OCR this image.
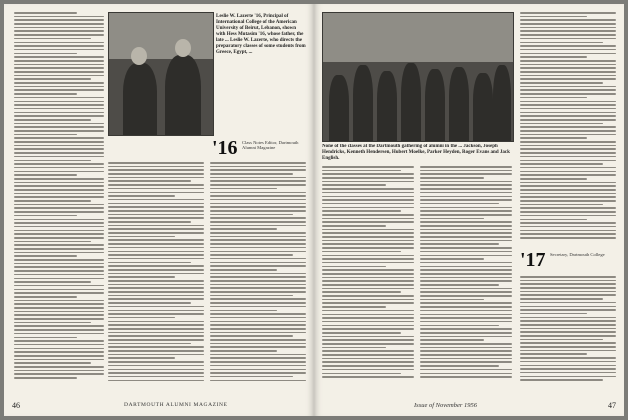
Leslie W. Lazerte '16, Principal of International College of the American University of Beirut, Lebanon, shown with Hess Mutasim '16, whose father, the late ... Leslie W. Lazerte, who directs the preparatory classes of some students from Greece, Egypt, ...
'16 Class Notes Editor, Dartmouth Alumni Magazine
46	DARTMOUTH ALUMNI MAGAZINE
None of the classes at the Dartmouth gathering of alumni in the ... Jackson, Joseph Hendricks, Kenneth Hendersen, Hubert Moelke, Parker Heyden, Roger Evans and Jack English.
'17 Secretary, Dartmouth College
Issue of November 1956	47
